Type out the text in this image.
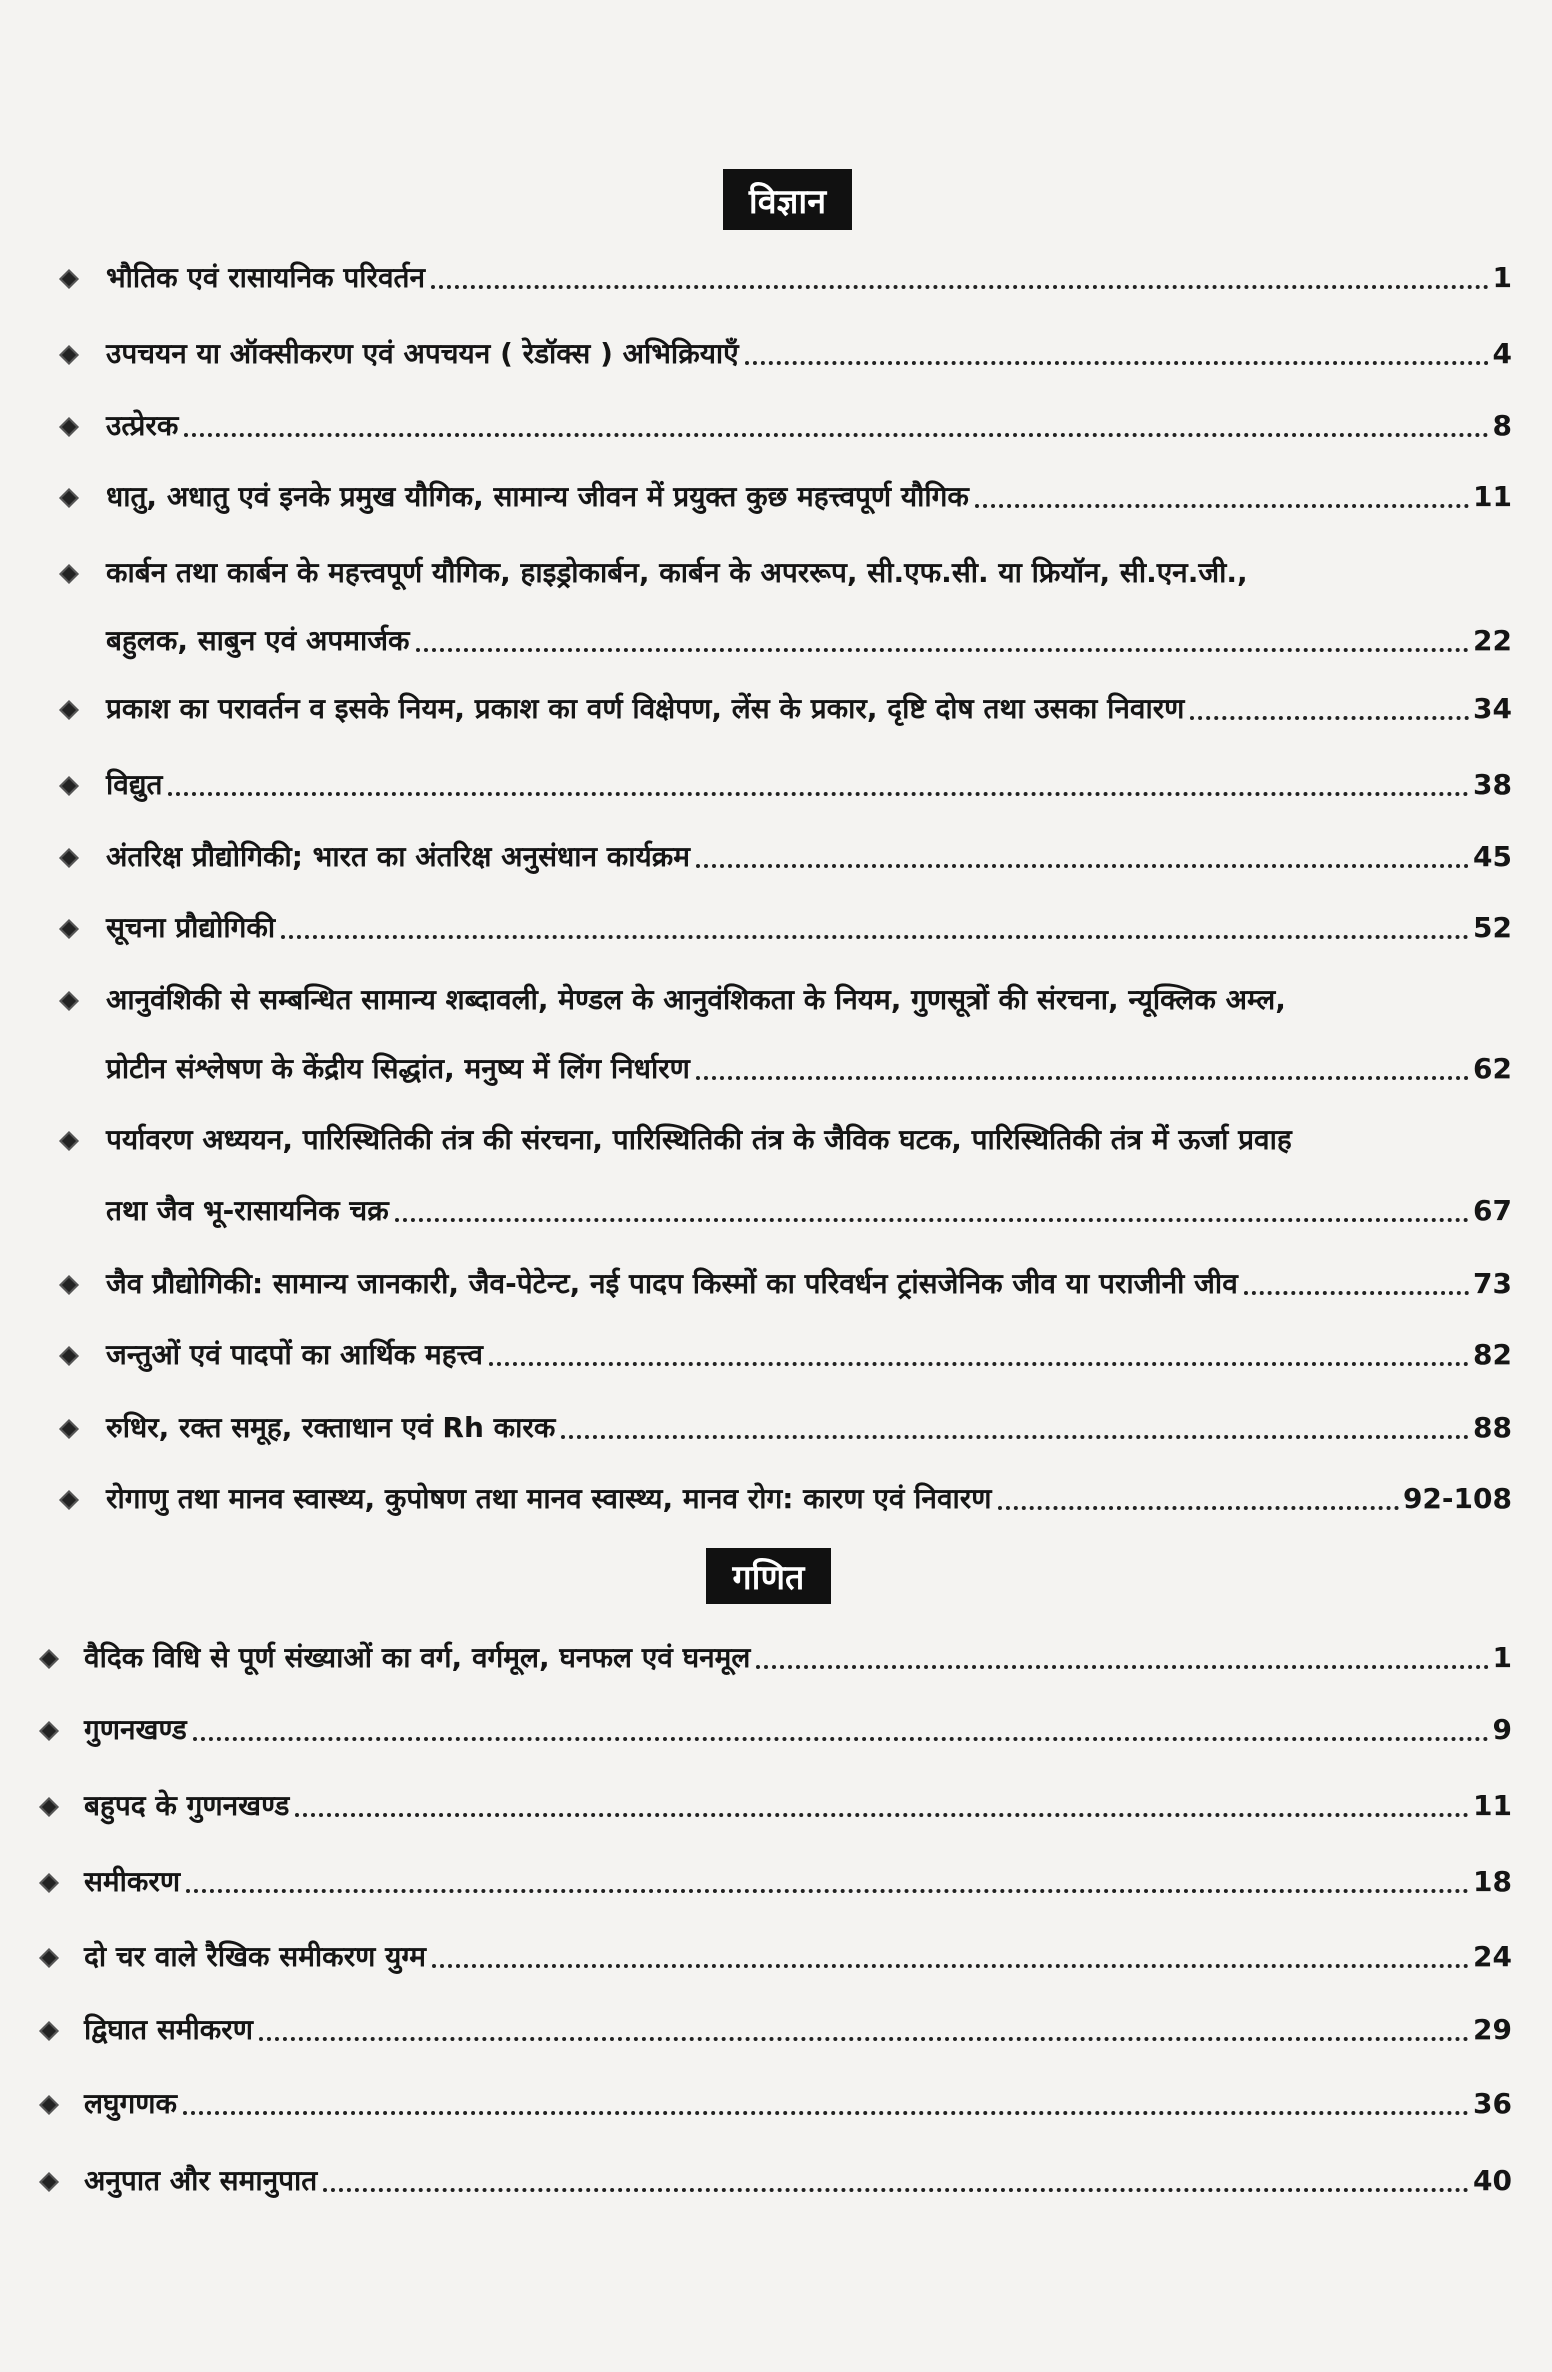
विज्ञान
गणित
भौतिक एवं रासायनिक परिवर्तन	1
उपचयन या ऑक्सीकरण एवं अपचयन ( रेडॉक्स ) अभिक्रियाएँ	4
उत्प्रेरक	8
धातु, अधातु एवं इनके प्रमुख यौगिक, सामान्य जीवन में प्रयुक्त कुछ महत्त्वपूर्ण यौगिक	11
कार्बन तथा कार्बन के महत्त्वपूर्ण यौगिक, हाइड्रोकार्बन, कार्बन के अपररूप, सी.एफ.सी. या फ्रियॉन, सी.एन.जी.,
बहुलक, साबुन एवं अपमार्जक	22
प्रकाश का परावर्तन व इसके नियम, प्रकाश का वर्ण विक्षेपण, लेंस के प्रकार, दृष्टि दोष तथा उसका निवारण	34
विद्युत	38
अंतरिक्ष प्रौद्योगिकी; भारत का अंतरिक्ष अनुसंधान कार्यक्रम	45
सूचना प्रौद्योगिकी	52
आनुवंशिकी से सम्बन्धित सामान्य शब्दावली, मेण्डल के आनुवंशिकता के नियम, गुणसूत्रों की संरचना, न्यूक्लिक अम्ल,
प्रोटीन संश्लेषण के केंद्रीय सिद्धांत, मनुष्य में लिंग निर्धारण	62
पर्यावरण अध्ययन, पारिस्थितिकी तंत्र की संरचना, पारिस्थितिकी तंत्र के जैविक घटक, पारिस्थितिकी तंत्र में ऊर्जा प्रवाह
तथा जैव भू-रासायनिक चक्र	67
जैव प्रौद्योगिकी: सामान्य जानकारी, जैव-पेटेन्ट, नई पादप किस्मों का परिवर्धन ट्रांसजेनिक जीव या पराजीनी जीव	73
जन्तुओं एवं पादपों का आर्थिक महत्त्व	82
रुधिर, रक्त समूह, रक्ताधान एवं Rh कारक	88
रोगाणु तथा मानव स्वास्थ्य, कुपोषण तथा मानव स्वास्थ्य, मानव रोग: कारण एवं निवारण	92-108
वैदिक विधि से पूर्ण संख्याओं का वर्ग, वर्गमूल, घनफल एवं घनमूल	1
गुणनखण्ड	9
बहुपद के गुणनखण्ड	11
समीकरण	18
दो चर वाले रैखिक समीकरण युग्म	24
द्विघात समीकरण	29
लघुगणक	36
अनुपात और समानुपात	40
